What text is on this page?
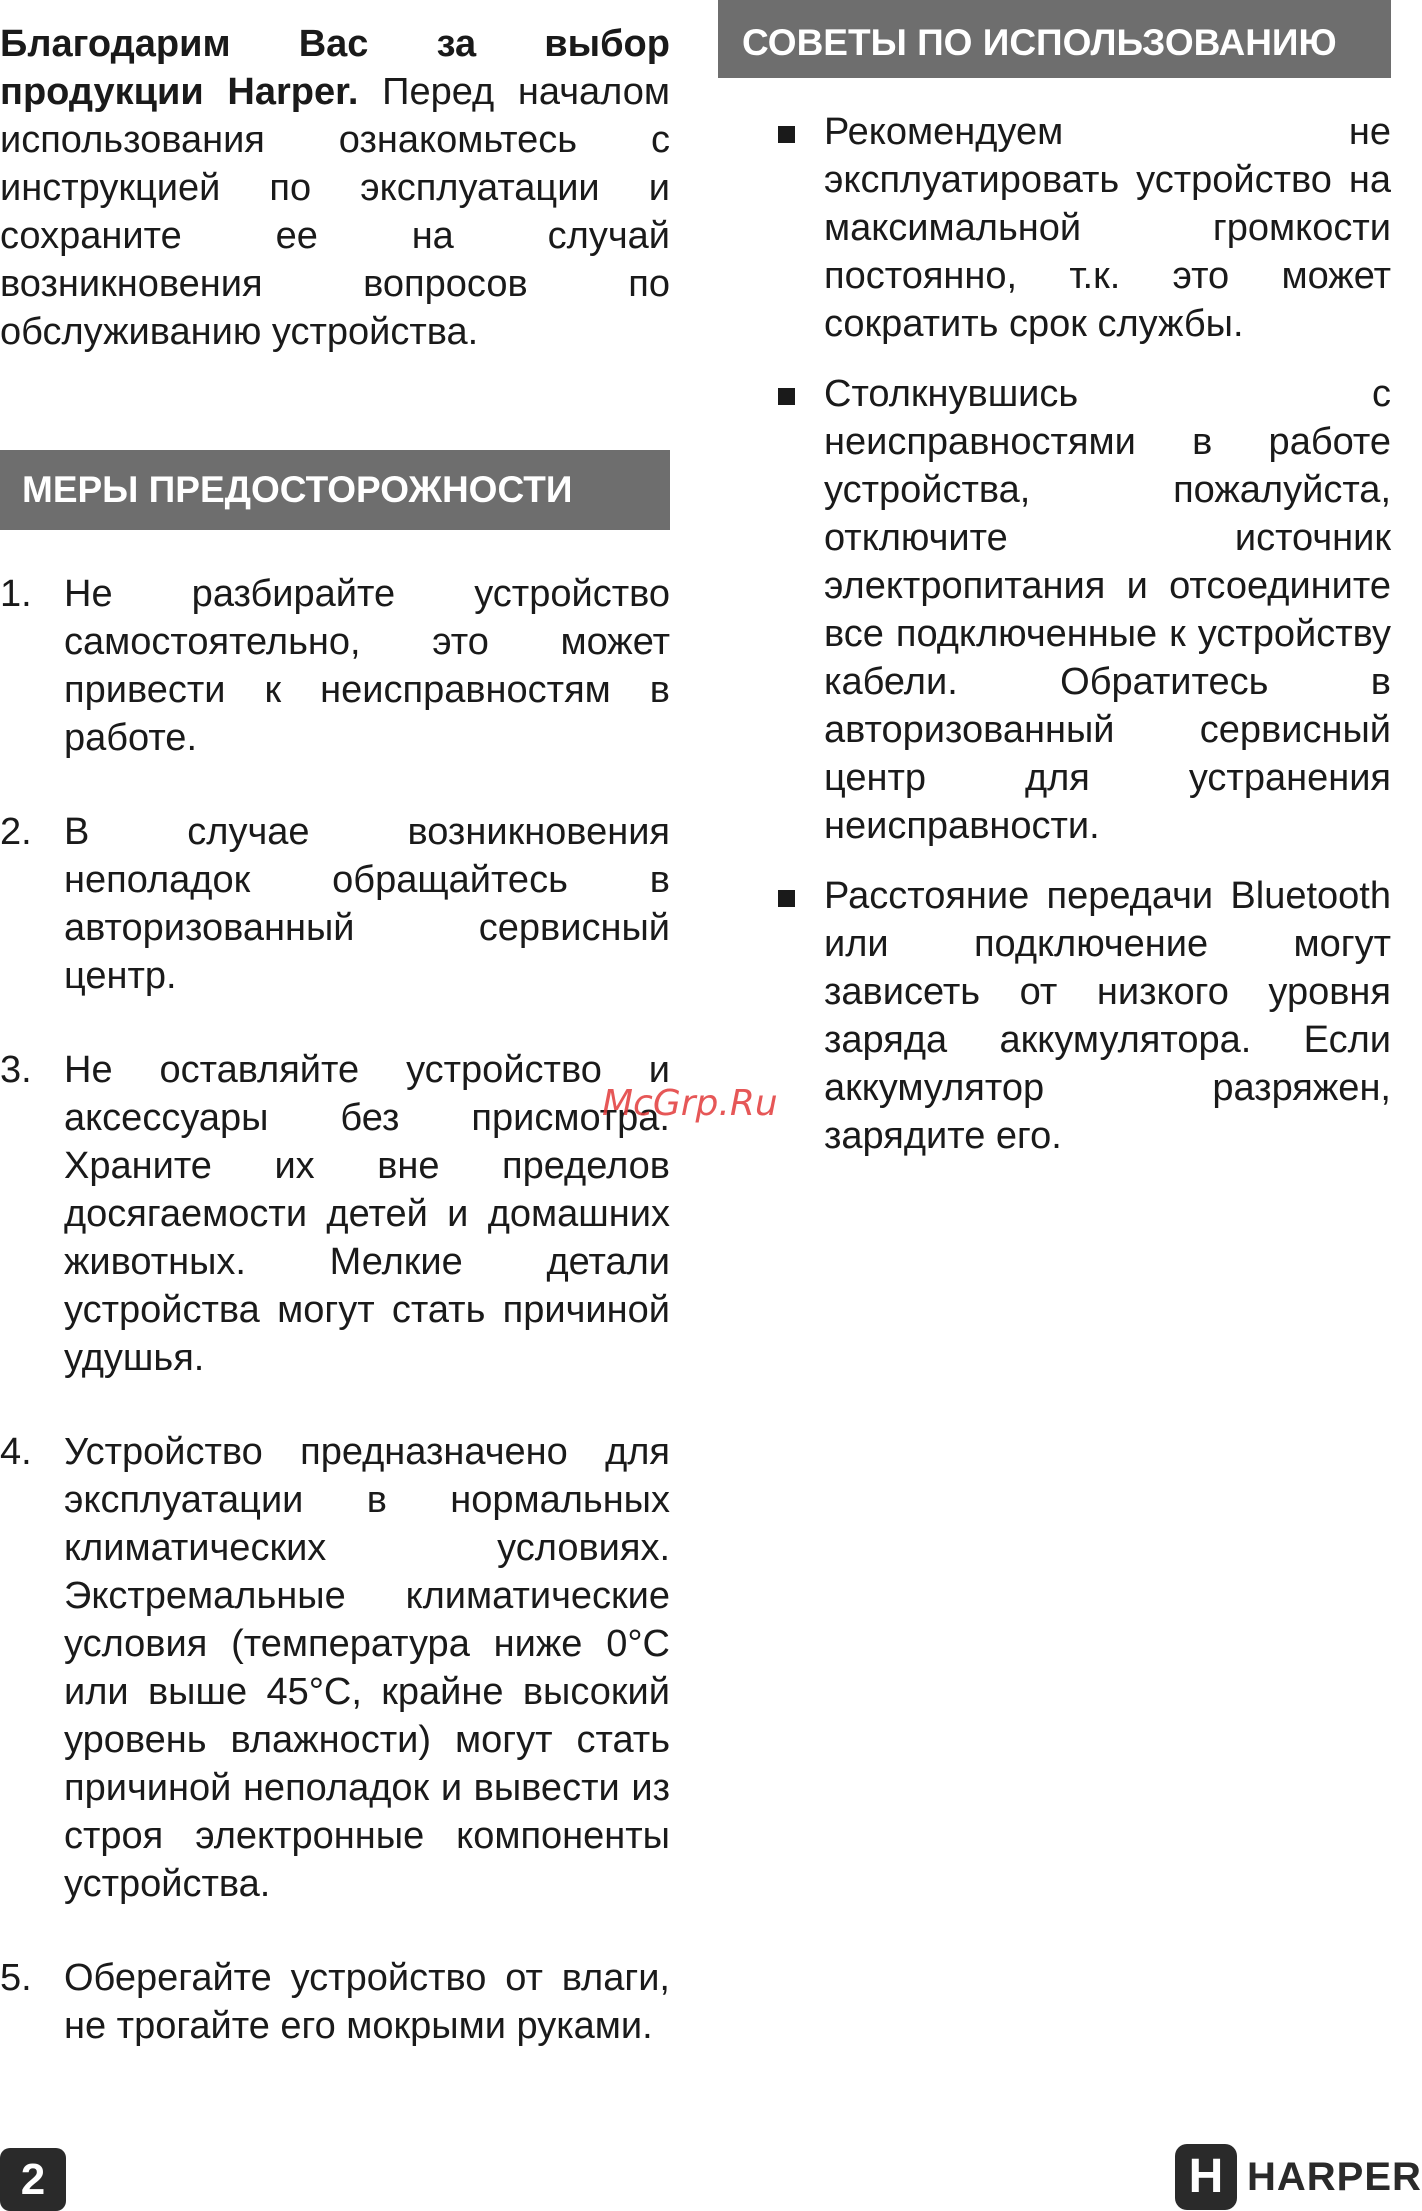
Благодарим Вас за выбор продукции Harper. Перед началом использования ознакомьтесь с инструкцией по эксплуатации и сохраните ее на случай возникновения вопросов по обслуживанию устройства.

МЕРЫ ПРЕДОСТОРОЖНОСТИ
1. Не разбирайте устройство самостоятельно, это может привести к неисправностям в работе.
2. В случае возникновения неполадок обращайтесь в авторизованный сервисный центр.
3. Не оставляйте устройство и аксессуары без присмотра. Храните их вне пределов досягаемости детей и домашних животных. Мелкие детали устройства могут стать причиной удушья.
4. Устройство предназначено для эксплуатации в нормальных климатических условиях. Экстремальные климатические условия (температура ниже 0°С или выше 45°С, крайне высокий уровень влажности) могут стать причиной неполадок и вывести из строя электронные компоненты устройства.
5. Оберегайте устройство от влаги, не трогайте его мокрыми руками.
СОВЕТЫ ПО ИСПОЛЬЗОВАНИЮ
Рекомендуем не эксплуатировать устройство на максимальной громкости постоянно, т.к. это может сократить срок службы.
Столкнувшись с неисправностями в работе устройства, пожалуйста, отключите источник электропитания и отсоедините все подключенные к устройству кабели. Обратитесь в авторизованный сервисный центр для устранения неисправности.
Расстояние передачи Bluetooth или подключение могут зависеть от низкого уровня заряда аккумулятора. Если аккумулятор разряжен, зарядите его.
McGrp.Ru
2	H HARPER
